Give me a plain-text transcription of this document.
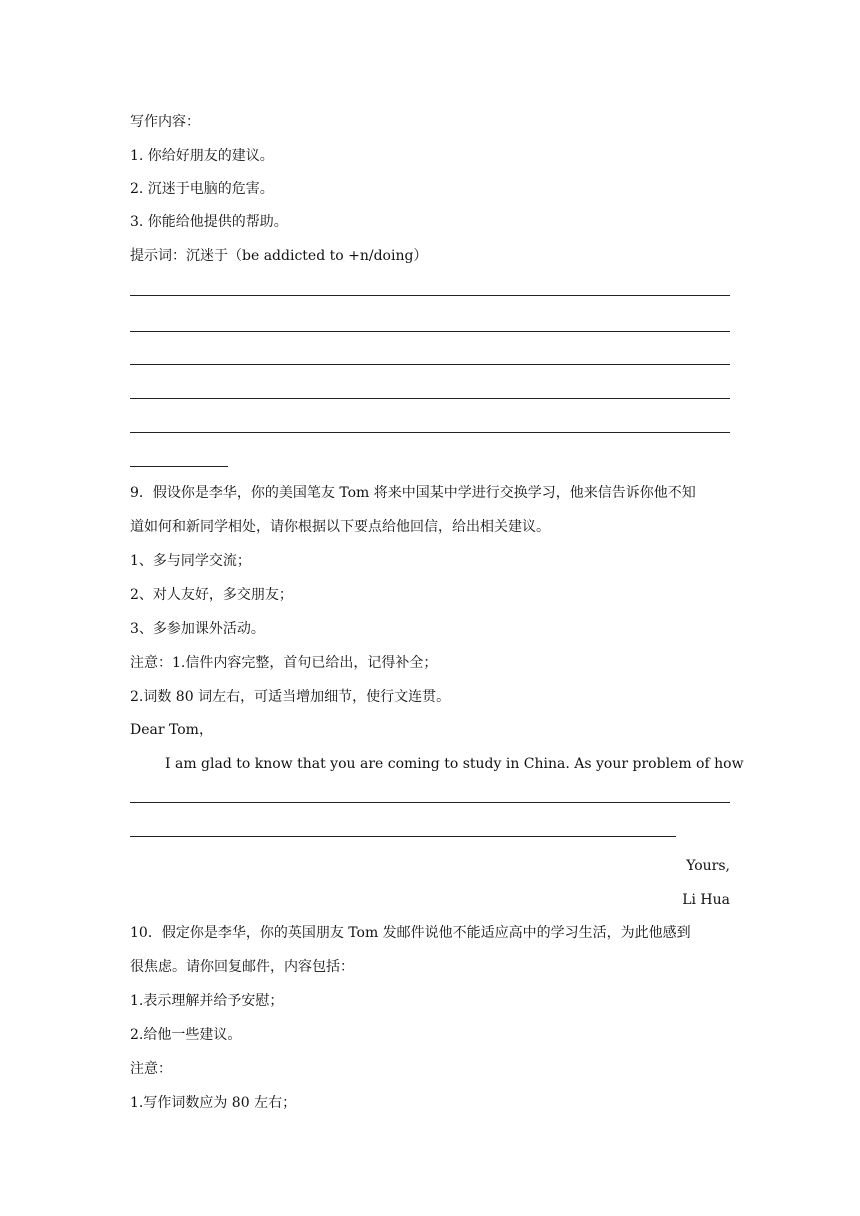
写作内容：
1. 你给好朋友的建议。
2. 沉迷于电脑的危害。
3. 你能给他提供的帮助。
提示词：沉迷于（be addicted to +n/doing）
9．假设你是李华，你的美国笔友 Tom 将来中国某中学进行交换学习，他来信告诉你他不知
道如何和新同学相处，请你根据以下要点给他回信，给出相关建议。
1、多与同学交流；
2、对人友好，多交朋友；
3、多参加课外活动。
注意：1.信件内容完整，首句已给出，记得补全；
2.词数 80 词左右，可适当增加细节，使行文连贯。
Dear Tom，
I am glad to know that you are coming to study in China. As your problem of how
Yours,
Li Hua
10．假定你是李华，你的英国朋友 Tom 发邮件说他不能适应高中的学习生活，为此他感到
很焦虑。请你回复邮件，内容包括：
1.表示理解并给予安慰；
2.给他一些建议。
注意：
1.写作词数应为 80 左右；
